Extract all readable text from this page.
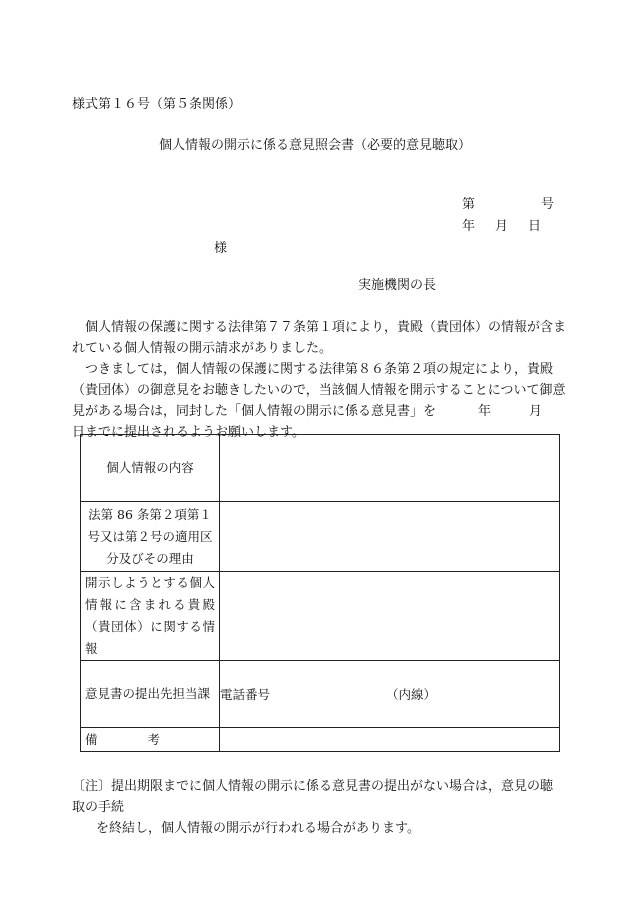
様式第１６号（第５条関係）
個人情報の開示に係る意見照会書（必要的意見聴取）
第	号
年 月 日
様
実施機関の長

個人情報の保護に関する法律第７７条第１項により，貴殿（貴団体）の情報が含まれている個人情報の開示請求がありました。

つきましては，個人情報の保護に関する法律第８６条第２項の規定により，貴殿（貴団体）の御意見をお聴きしたいので，当該個人情報を開示することについて御意見がある場合は，同封した「個人情報の開示に係る意見書」を	年	月日までに提出されるようお願いします。

個人情報の内容	
法第 86 条第２項第１号又は第２号の適用区分及びその理由	
開示しようとする個人情報に含まれる貴殿（貴団体）に関する情報	
意見書の提出先担当課	電話番号 （内線）
備　　　　考	

〔注〕提出期限までに個人情報の開示に係る意見書の提出がない場合は，意見の聴取の手続

を終結し，個人情報の開示が行われる場合があります。
